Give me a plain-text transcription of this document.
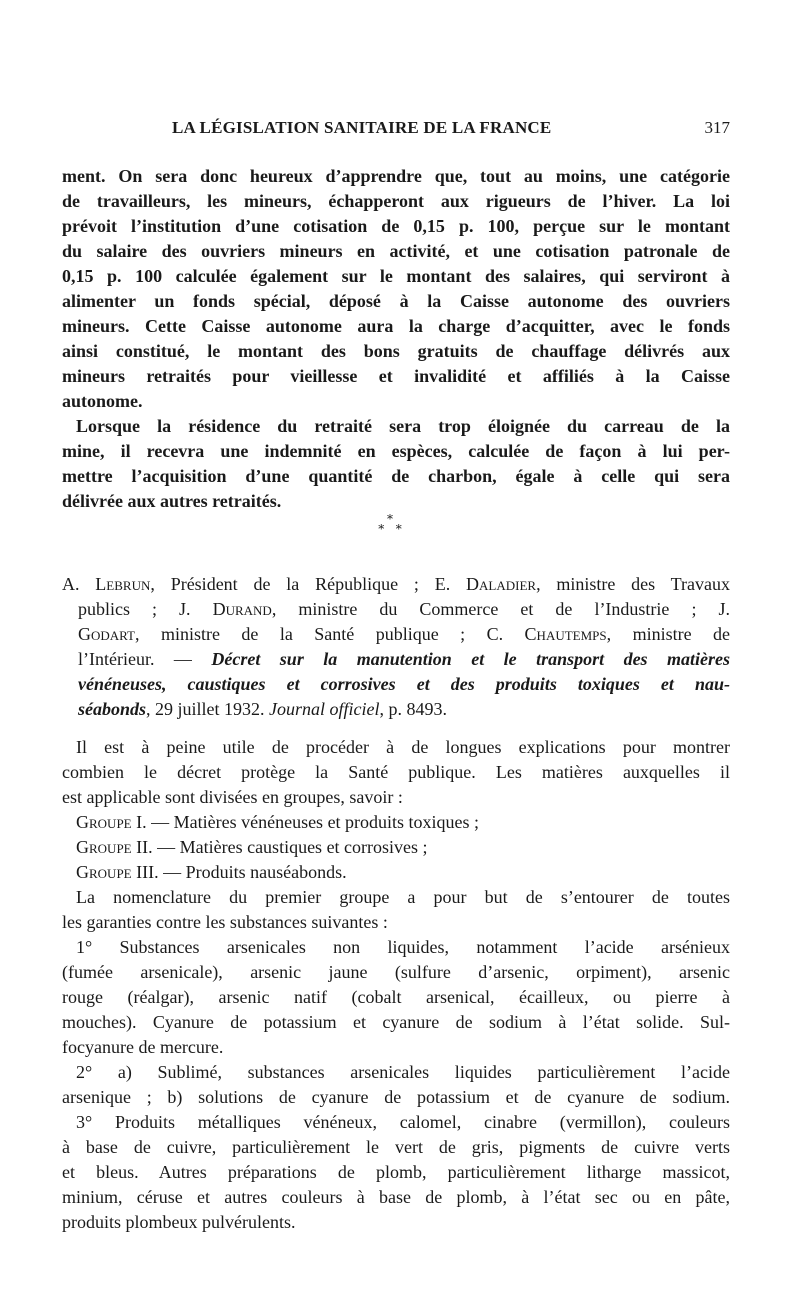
LA LÉGISLATION SANITAIRE DE LA FRANCE	317
ment. On sera donc heureux d’apprendre que, tout au moins, une catégorie
de travailleurs, les mineurs, échapperont aux rigueurs de l’hiver. La loi
prévoit l’institution d’une cotisation de 0,15 p. 100, perçue sur le montant
du salaire des ouvriers mineurs en activité, et une cotisation patronale de
0,15 p. 100 calculée également sur le montant des salaires, qui serviront à
alimenter un fonds spécial, déposé à la Caisse autonome des ouvriers
mineurs. Cette Caisse autonome aura la charge d’acquitter, avec le fonds
ainsi constitué, le montant des bons gratuits de chauffage délivrés aux
mineurs retraités pour vieillesse et invalidité et affiliés à la Caisse
autonome.
Lorsque la résidence du retraité sera trop éloignée du carreau de la
mine, il recevra une indemnité en espèces, calculée de façon à lui per-
mettre l’acquisition d’une quantité de charbon, égale à celle qui sera
délivrée aux autres retraités.
*
*   *
A. Lebrun, Président de la République ; E. Daladier, ministre des Travaux
publics ; J. Durand, ministre du Commerce et de l’Industrie ; J.
Godart, ministre de la Santé publique ; C. Chautemps, ministre de
l’Intérieur. — Décret sur la manutention et le transport des matières
vénéneuses, caustiques et corrosives et des produits toxiques et nau-
séabonds, 29 juillet 1932. Journal officiel, p. 8493.
Il est à peine utile de procéder à de longues explications pour montrer
combien le décret protège la Santé publique. Les matières auxquelles il
est applicable sont divisées en groupes, savoir :
Groupe I. — Matières vénéneuses et produits toxiques ;
Groupe II. — Matières caustiques et corrosives ;
Groupe III. — Produits nauséabonds.
La nomenclature du premier groupe a pour but de s’entourer de toutes
les garanties contre les substances suivantes :
1° Substances arsenicales non liquides, notamment l’acide arsénieux
(fumée arsenicale), arsenic jaune (sulfure d’arsenic, orpiment), arsenic
rouge (réalgar), arsenic natif (cobalt arsenical, écailleux, ou pierre à
mouches). Cyanure de potassium et cyanure de sodium à l’état solide. Sul-
focyanure de mercure.
2° a) Sublimé, substances arsenicales liquides particulièrement l’acide
arsenique ; b) solutions de cyanure de potassium et de cyanure de sodium.
3° Produits métalliques vénéneux, calomel, cinabre (vermillon), couleurs
à base de cuivre, particulièrement le vert de gris, pigments de cuivre verts
et bleus. Autres préparations de plomb, particulièrement litharge massicot,
minium, céruse et autres couleurs à base de plomb, à l’état sec ou en pâte,
produits plombeux pulvérulents.
